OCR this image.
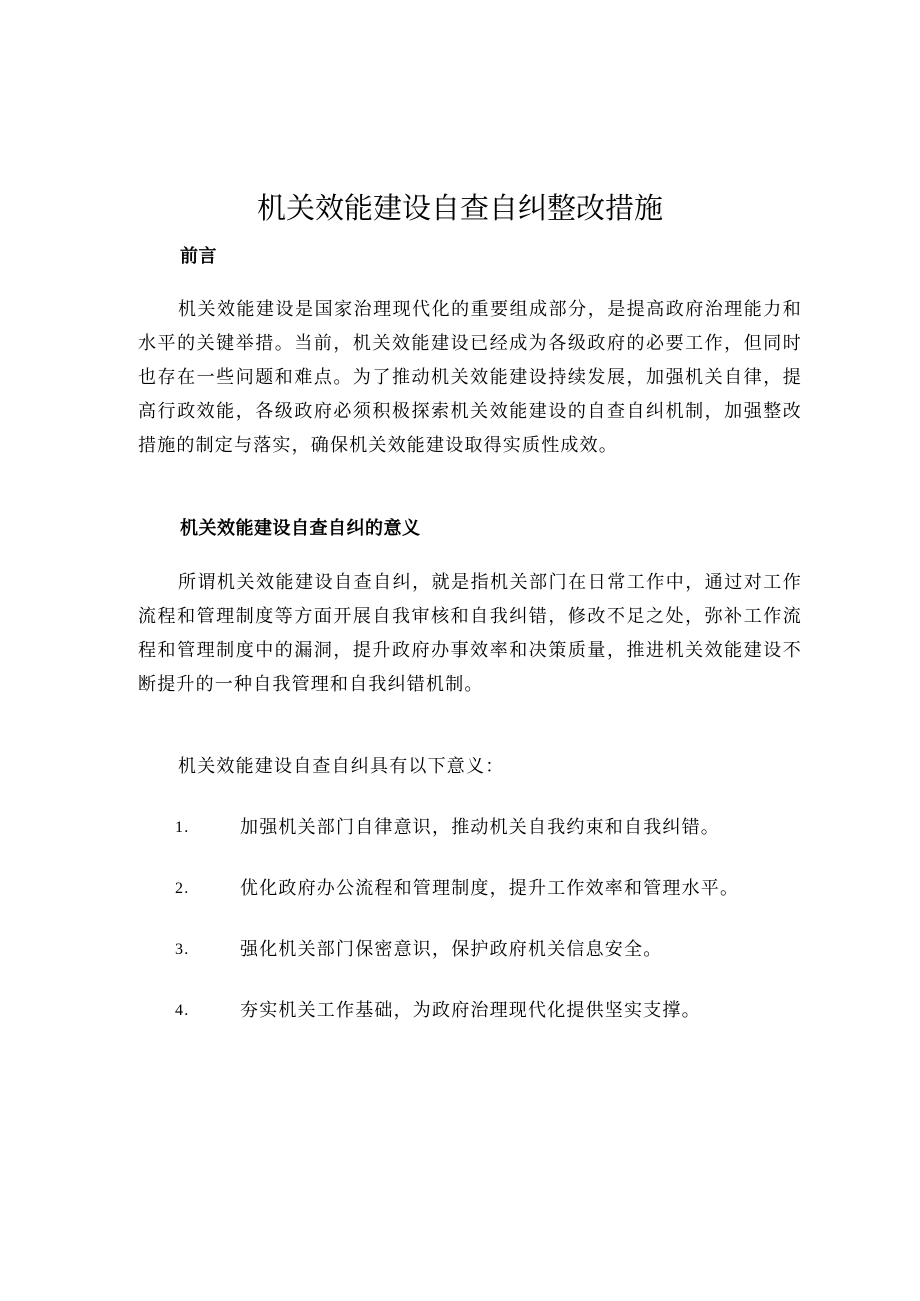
机关效能建设自查自纠整改措施
前言

机关效能建设是国家治理现代化的重要组成部分，是提高政府治理能力和水平的关键举措。当前，机关效能建设已经成为各级政府的必要工作，但同时也存在一些问题和难点。为了推动机关效能建设持续发展，加强机关自律，提高行政效能，各级政府必须积极探索机关效能建设的自查自纠机制，加强整改措施的制定与落实，确保机关效能建设取得实质性成效。

机关效能建设自查自纠的意义

所谓机关效能建设自查自纠，就是指机关部门在日常工作中，通过对工作流程和管理制度等方面开展自我审核和自我纠错，修改不足之处，弥补工作流程和管理制度中的漏洞，提升政府办事效率和决策质量，推进机关效能建设不断提升的一种自我管理和自我纠错机制。

机关效能建设自查自纠具有以下意义：

1.	加强机关部门自律意识，推动机关自我约束和自我纠错。
2.	优化政府办公流程和管理制度，提升工作效率和管理水平。
3.	强化机关部门保密意识，保护政府机关信息安全。
4.	夯实机关工作基础，为政府治理现代化提供坚实支撑。
